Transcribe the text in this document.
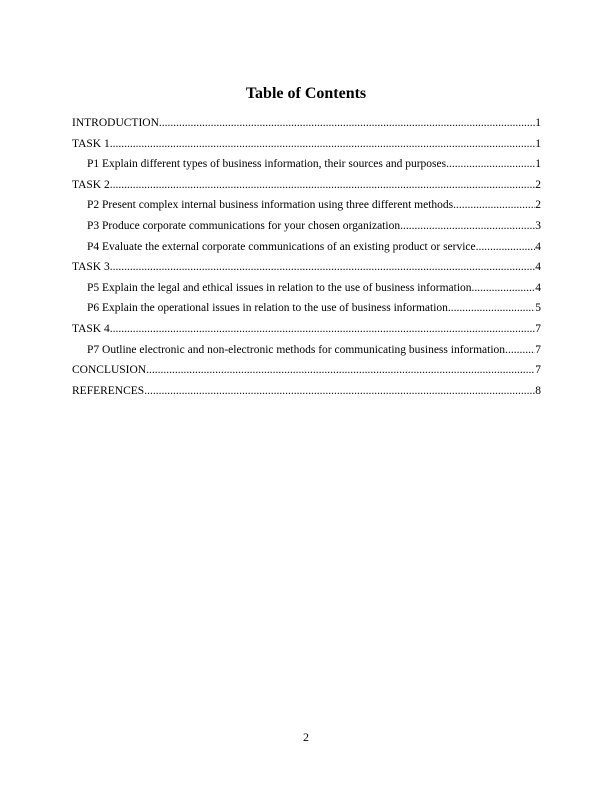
Table of Contents
INTRODUCTION .....	1
TASK 1 .....	1
P1 Explain different types of business information, their sources and purposes .....	1
TASK 2 .....	2
P2 Present complex internal business information using three different methods .....	2
P3 Produce corporate communications for your chosen organization .....	3
P4 Evaluate the external corporate communications of an existing product or service .....	4
TASK 3 .....	4
P5 Explain the legal and ethical issues in relation to the use of business information .....	4
P6 Explain the operational issues in relation to the use of business information .....	5
TASK 4 .....	7
P7 Outline electronic and non-electronic methods for communicating business information. ..... 7
CONCLUSION .....	7
REFERENCES .....	8
2
